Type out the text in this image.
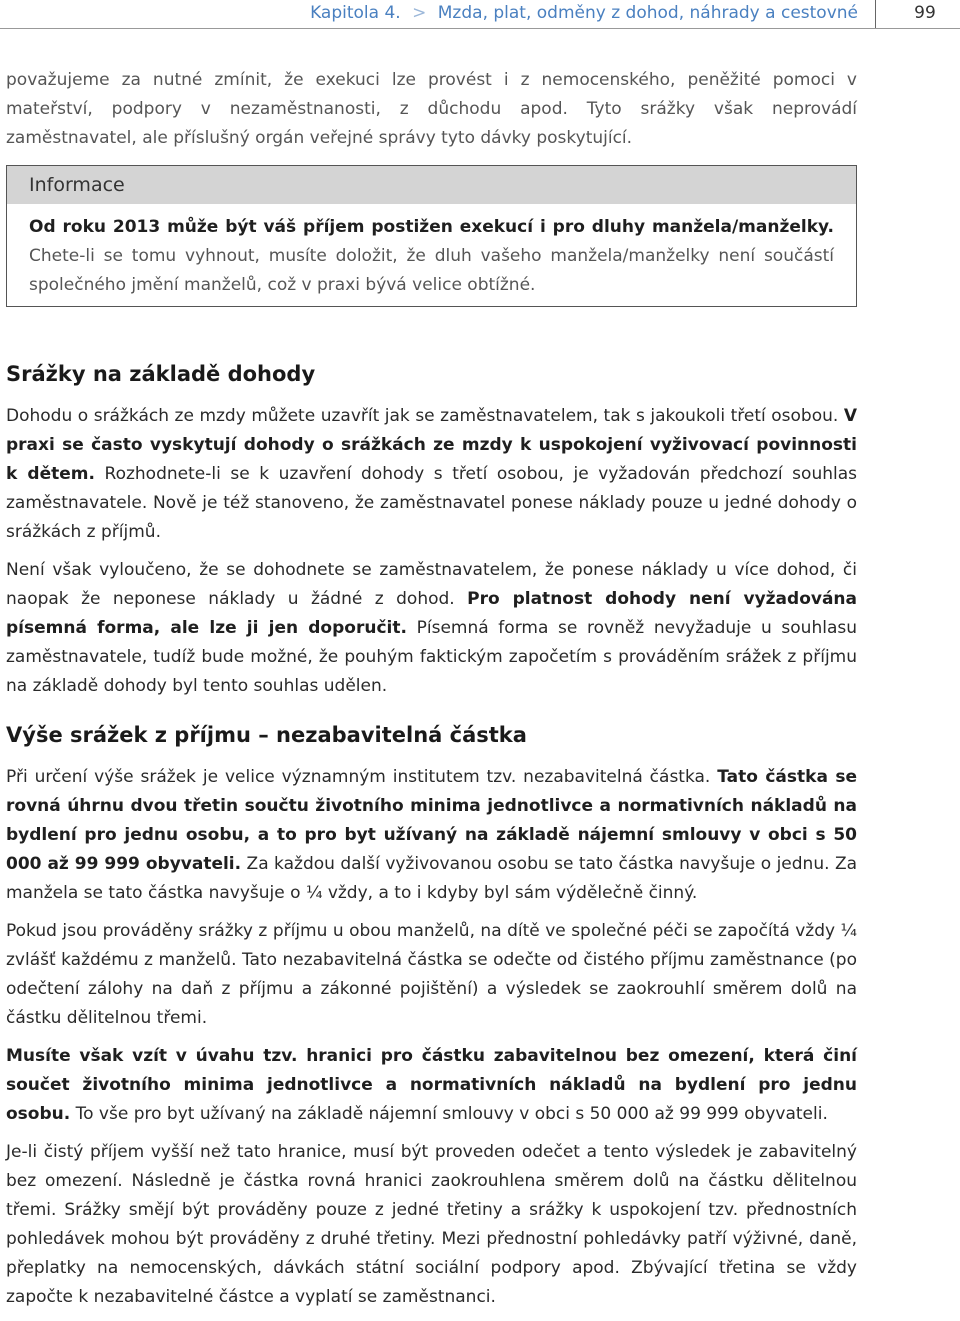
Kapitola 4. > Mzda, plat, odměny z dohod, náhrady a cestovné	99

považujeme za nutné zmínit, že exekuci lze provést i z nemocenského, peněžité pomoci v mateřství, podpory v nezaměstnanosti, z důchodu apod. Tyto srážky však neprovádí zaměstnavatel, ale příslušný orgán veřejné správy tyto dávky poskytující.

Informace

Od roku 2013 může být váš příjem postižen exekucí i pro dluhy manžela/manželky. Chete-li se tomu vyhnout, musíte doložit, že dluh vašeho manžela/manželky není součástí společného jmění manželů, což v praxi bývá velice obtížné.

Srážky na základě dohody

Dohodu o srážkách ze mzdy můžete uzavřít jak se zaměstnavatelem, tak s jakoukoli třetí osobou. V praxi se často vyskytují dohody o srážkách ze mzdy k uspokojení vyživovací povinnosti k dětem. Rozhodnete-li se k uzavření dohody s třetí osobou, je vyžadován předchozí souhlas zaměstnavatele. Nově je též stanoveno, že zaměstnavatel ponese náklady pouze u jedné dohody o srážkách z příjmů.

Není však vyloučeno, že se dohodnete se zaměstnavatelem, že ponese náklady u více dohod, či naopak že neponese náklady u žádné z dohod. Pro platnost dohody není vyžadována písemná forma, ale lze ji jen doporučit. Písemná forma se rovněž nevyžaduje u souhlasu zaměstnavatele, tudíž bude možné, že pouhým faktickým započetím s prováděním srážek z příjmu na základě dohody byl tento souhlas udělen.

Výše srážek z příjmu – nezabavitelná částka

Při určení výše srážek je velice významným institutem tzv. nezabavitelná částka. Tato částka se rovná úhrnu dvou třetin součtu životního minima jednotlivce a normativních nákladů na bydlení pro jednu osobu, a to pro byt užívaný na základě nájemní smlouvy v obci s 50 000 až 99 999 obyvateli. Za každou další vyživovanou osobu se tato částka navyšuje o jednu. Za manžela se tato částka navyšuje o ¼ vždy, a to i kdyby byl sám výdělečně činný.

Pokud jsou prováděny srážky z příjmu u obou manželů, na dítě ve společné péči se započítá vždy ¼ zvlášť každému z manželů. Tato nezabavitelná částka se odečte od čistého příjmu zaměstnance (po odečtení zálohy na daň z příjmu a zákonné pojištění) a výsledek se zaokrouhlí směrem dolů na částku dělitelnou třemi.

Musíte však vzít v úvahu tzv. hranici pro částku zabavitelnou bez omezení, která činí součet životního minima jednotlivce a normativních nákladů na bydlení pro jednu osobu. To vše pro byt užívaný na základě nájemní smlouvy v obci s 50 000 až 99 999 obyvateli.

Je-li čistý příjem vyšší než tato hranice, musí být proveden odečet a tento výsledek je zabavitelný bez omezení. Následně je částka rovná hranici zaokrouhlena směrem dolů na částku dělitelnou třemi. Srážky smějí být prováděny pouze z jedné třetiny a srážky k uspokojení tzv. přednostních pohledávek mohou být prováděny z druhé třetiny. Mezi přednostní pohledávky patří výživné, daně, přeplatky na nemocenských, dávkách státní sociální podpory apod. Zbývající třetina se vždy započte k nezabavitelné částce a vyplatí se zaměstnanci.
